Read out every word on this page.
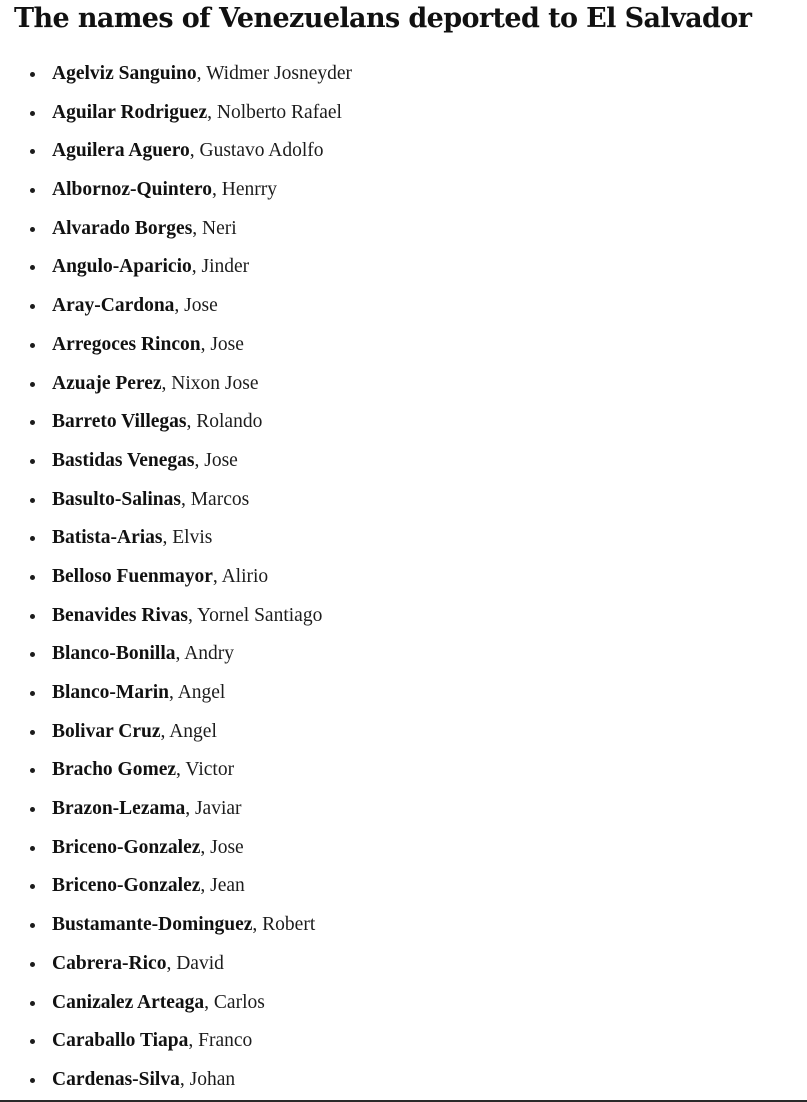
The names of Venezuelans deported to El Salvador
Agelviz Sanguino, Widmer Josneyder
Aguilar Rodriguez, Nolberto Rafael
Aguilera Aguero, Gustavo Adolfo
Albornoz-Quintero, Henrry
Alvarado Borges, Neri
Angulo-Aparicio, Jinder
Aray-Cardona, Jose
Arregoces Rincon, Jose
Azuaje Perez, Nixon Jose
Barreto Villegas, Rolando
Bastidas Venegas, Jose
Basulto-Salinas, Marcos
Batista-Arias, Elvis
Belloso Fuenmayor, Alirio
Benavides Rivas, Yornel Santiago
Blanco-Bonilla, Andry
Blanco-Marin, Angel
Bolivar Cruz, Angel
Bracho Gomez, Victor
Brazon-Lezama, Javiar
Briceno-Gonzalez, Jose
Briceno-Gonzalez, Jean
Bustamante-Dominguez, Robert
Cabrera-Rico, David
Canizalez Arteaga, Carlos
Caraballo Tiapa, Franco
Cardenas-Silva, Johan
